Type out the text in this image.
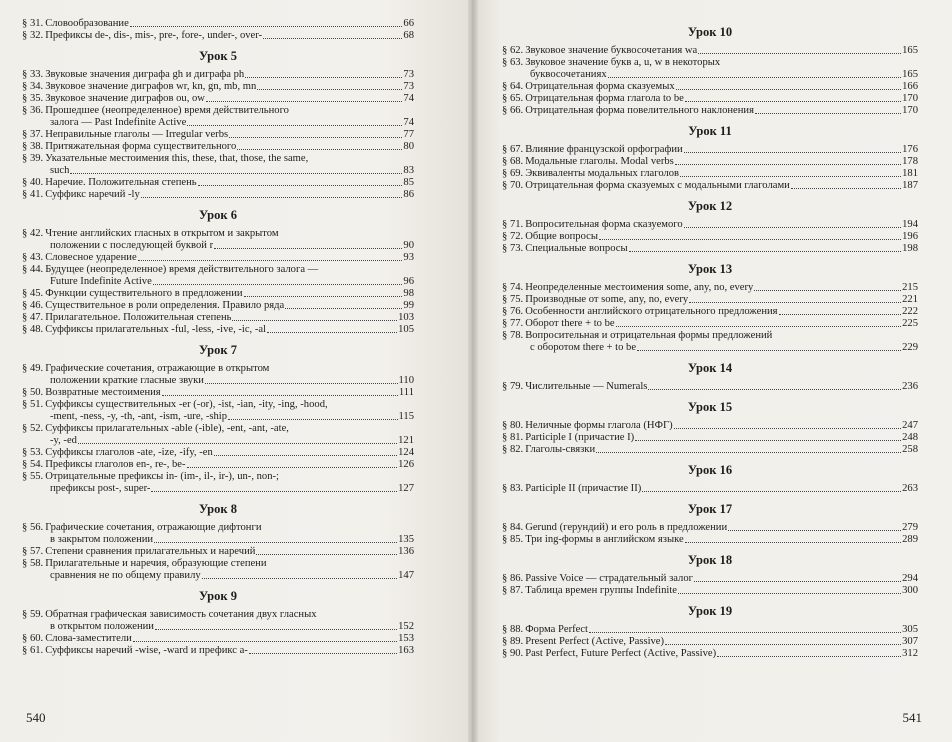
§ 31. Словообразование	66
§ 32. Префиксы de-, dis-, mis-, pre-, fore-, under-, over-	68
Урок 5
§ 33. Звуковые значения диграфа gh и диграфа ph	73
§ 34. Звуковое значение диграфов wr, kn, gn, mb, mn	73
§ 35. Звуковое значение диграфов ou, ow	74
§ 36. Прошедшее (неопределенное) время действительного
залога — Past Indefinite Active	74
§ 37. Неправильные глаголы — Irregular verbs	77
§ 38. Притяжательная форма существительного	80
§ 39. Указательные местоимения this, these, that, those, the same,
such	83
§ 40. Наречие. Положительная степень	85
§ 41. Суффикс наречий -ly	86
Урок 6
§ 42. Чтение английских гласных в открытом и закрытом
положении с последующей буквой r	90
§ 43. Словесное ударение	93
§ 44. Будущее (неопределенное) время действительного залога —
Future Indefinite Active	96
§ 45. Функции существительного в предложении	98
§ 46. Существительное в роли определения. Правило ряда	99
§ 47. Прилагательное. Положительная степень	103
§ 48. Суффиксы прилагательных -ful, -less, -ive, -ic, -al	105
Урок 7
§ 49. Графические сочетания, отражающие в открытом
положении краткие гласные звуки	110
§ 50. Возвратные местоимения	111
§ 51. Суффиксы существительных -er (-or), -ist, -ian, -ity, -ing, -hood,
-ment, -ness, -y, -th, -ant, -ism, -ure, -ship	115
§ 52. Суффиксы прилагательных -able (-ible), -ent, -ant, -ate,
-y, -ed	121
§ 53. Суффиксы глаголов -ate, -ize, -ify, -en	124
§ 54. Префиксы глаголов en-, re-, be-	126
§ 55. Отрицательные префиксы in- (im-, il-, ir-), un-, non-;
префиксы post-, super-	127
Урок 8
§ 56. Графические сочетания, отражающие дифтонги
в закрытом положении	135
§ 57. Степени сравнения прилагательных и наречий	136
§ 58. Прилагательные и наречия, образующие степени
сравнения не по общему правилу	147
Урок 9
§ 59. Обратная графическая зависимость сочетания двух гласных
в открытом положении	152
§ 60. Слова-заместители	153
§ 61. Суффиксы наречий -wise, -ward и префикс a-	163
540
Урок 10
§ 62. Звуковое значение буквосочетания wa	165
§ 63. Звуковое значение букв a, u, w в некоторых
буквосочетаниях	165
§ 64. Отрицательная форма сказуемых	166
§ 65. Отрицательная форма глагола to be	170
§ 66. Отрицательная форма повелительного наклонения	170
Урок 11
§ 67. Влияние французской орфографии	176
§ 68. Модальные глаголы. Modal verbs	178
§ 69. Эквиваленты модальных глаголов	181
§ 70. Отрицательная форма сказуемых с модальными глаголами	187
Урок 12
§ 71. Вопросительная форма сказуемого	194
§ 72. Общие вопросы	196
§ 73. Специальные вопросы	198
Урок 13
§ 74. Неопределенные местоимения some, any, no, every	215
§ 75. Производные от some, any, no, every	221
§ 76. Особенности английского отрицательного предложения	222
§ 77. Оборот there + to be	225
§ 78. Вопросительная и отрицательная формы предложений
с оборотом there + to be	229
Урок 14
§ 79. Числительные — Numerals	236
Урок 15
§ 80. Неличные формы глагола (НФГ)	247
§ 81. Participle I (причастие I)	248
§ 82. Глаголы-связки	258
Урок 16
§ 83. Participle II (причастие II)	263
Урок 17
§ 84. Gerund (герундий) и его роль в предложении	279
§ 85. Три ing-формы в английском языке	289
Урок 18
§ 86. Passive Voice — страдательный залог	294
§ 87. Таблица времен группы Indefinite	300
Урок 19
§ 88. Форма Perfect	305
§ 89. Present Perfect (Active, Passive)	307
§ 90. Past Perfect, Future Perfect (Active, Passive)	312
541
